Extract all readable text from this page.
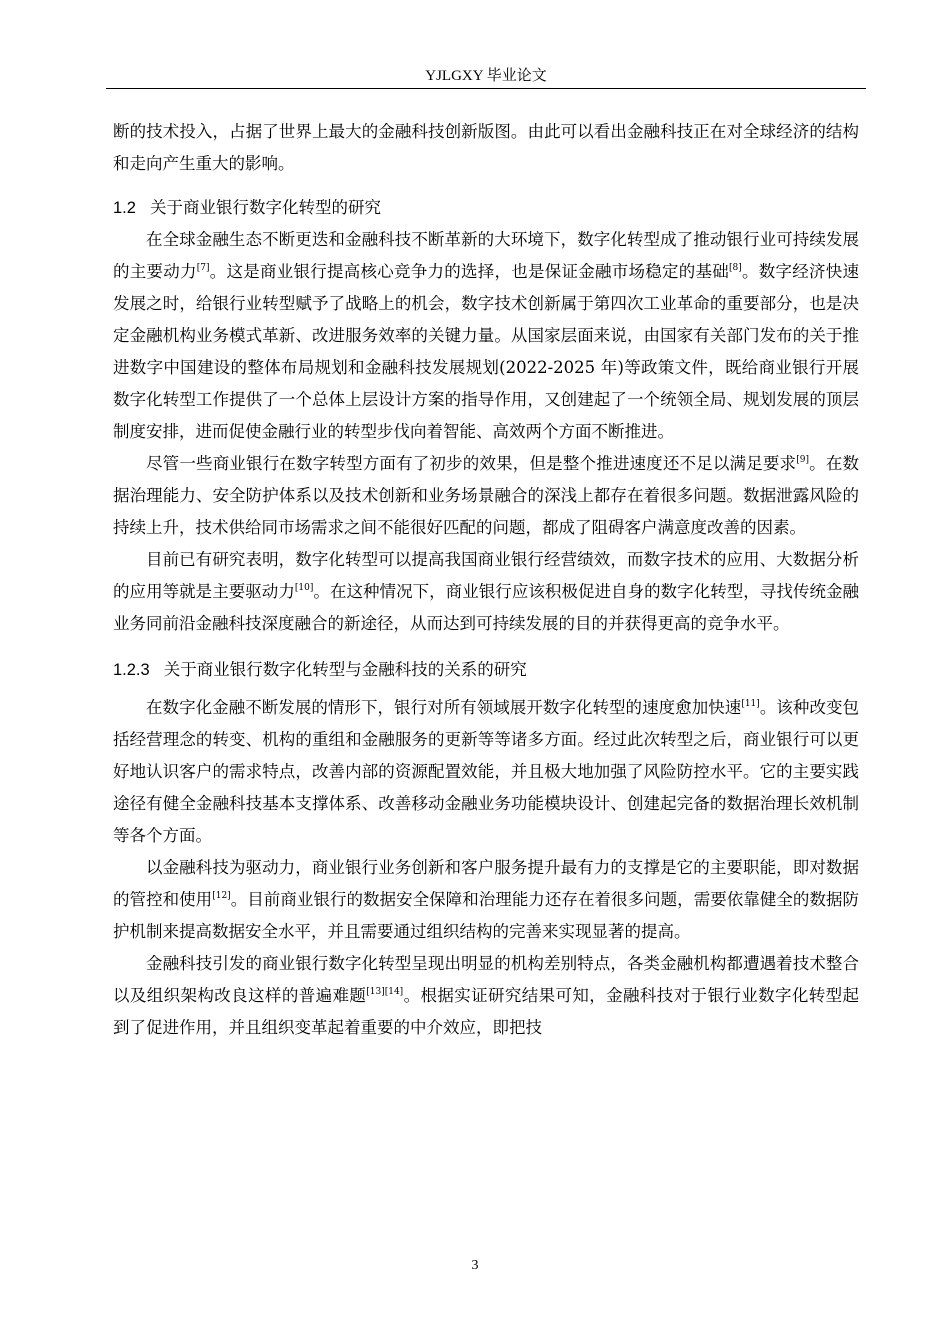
YJLGXY 毕业论文

断的技术投入，占据了世界上最大的金融科技创新版图。由此可以看出金融科技正在对全球经济的结构和走向产生重大的影响。

1.2 关于商业银行数字化转型的研究

在全球金融生态不断更迭和金融科技不断革新的大环境下，数字化转型成了推动银行业可持续发展的主要动力[7]。这是商业银行提高核心竞争力的选择，也是保证金融市场稳定的基础[8]。数字经济快速发展之时，给银行业转型赋予了战略上的机会，数字技术创新属于第四次工业革命的重要部分，也是决定金融机构业务模式革新、改进服务效率的关键力量。从国家层面来说，由国家有关部门发布的关于推进数字中国建设的整体布局规划和金融科技发展规划(2022-2025 年)等政策文件，既给商业银行开展数字化转型工作提供了一个总体上层设计方案的指导作用，又创建起了一个统领全局、规划发展的顶层制度安排，进而促使金融行业的转型步伐向着智能、高效两个方面不断推进。

尽管一些商业银行在数字转型方面有了初步的效果，但是整个推进速度还不足以满足要求[9]。在数据治理能力、安全防护体系以及技术创新和业务场景融合的深浅上都存在着很多问题。数据泄露风险的持续上升，技术供给同市场需求之间不能很好匹配的问题，都成了阻碍客户满意度改善的因素。

目前已有研究表明，数字化转型可以提高我国商业银行经营绩效，而数字技术的应用、大数据分析的应用等就是主要驱动力[10]。在这种情况下，商业银行应该积极促进自身的数字化转型，寻找传统金融业务同前沿金融科技深度融合的新途径，从而达到可持续发展的目的并获得更高的竞争水平。

1.2.3 关于商业银行数字化转型与金融科技的关系的研究

在数字化金融不断发展的情形下，银行对所有领域展开数字化转型的速度愈加快速[11]。该种改变包括经营理念的转变、机构的重组和金融服务的更新等等诸多方面。经过此次转型之后，商业银行可以更好地认识客户的需求特点，改善内部的资源配置效能，并且极大地加强了风险防控水平。它的主要实践途径有健全金融科技基本支撑体系、改善移动金融业务功能模块设计、创建起完备的数据治理长效机制等各个方面。

以金融科技为驱动力，商业银行业务创新和客户服务提升最有力的支撑是它的主要职能，即对数据的管控和使用[12]。目前商业银行的数据安全保障和治理能力还存在着很多问题，需要依靠健全的数据防护机制来提高数据安全水平，并且需要通过组织结构的完善来实现显著的提高。

金融科技引发的商业银行数字化转型呈现出明显的机构差别特点，各类金融机构都遭遇着技术整合以及组织架构改良这样的普遍难题[13][14]。根据实证研究结果可知，金融科技对于银行业数字化转型起到了促进作用，并且组织变革起着重要的中介效应，即把技

3
